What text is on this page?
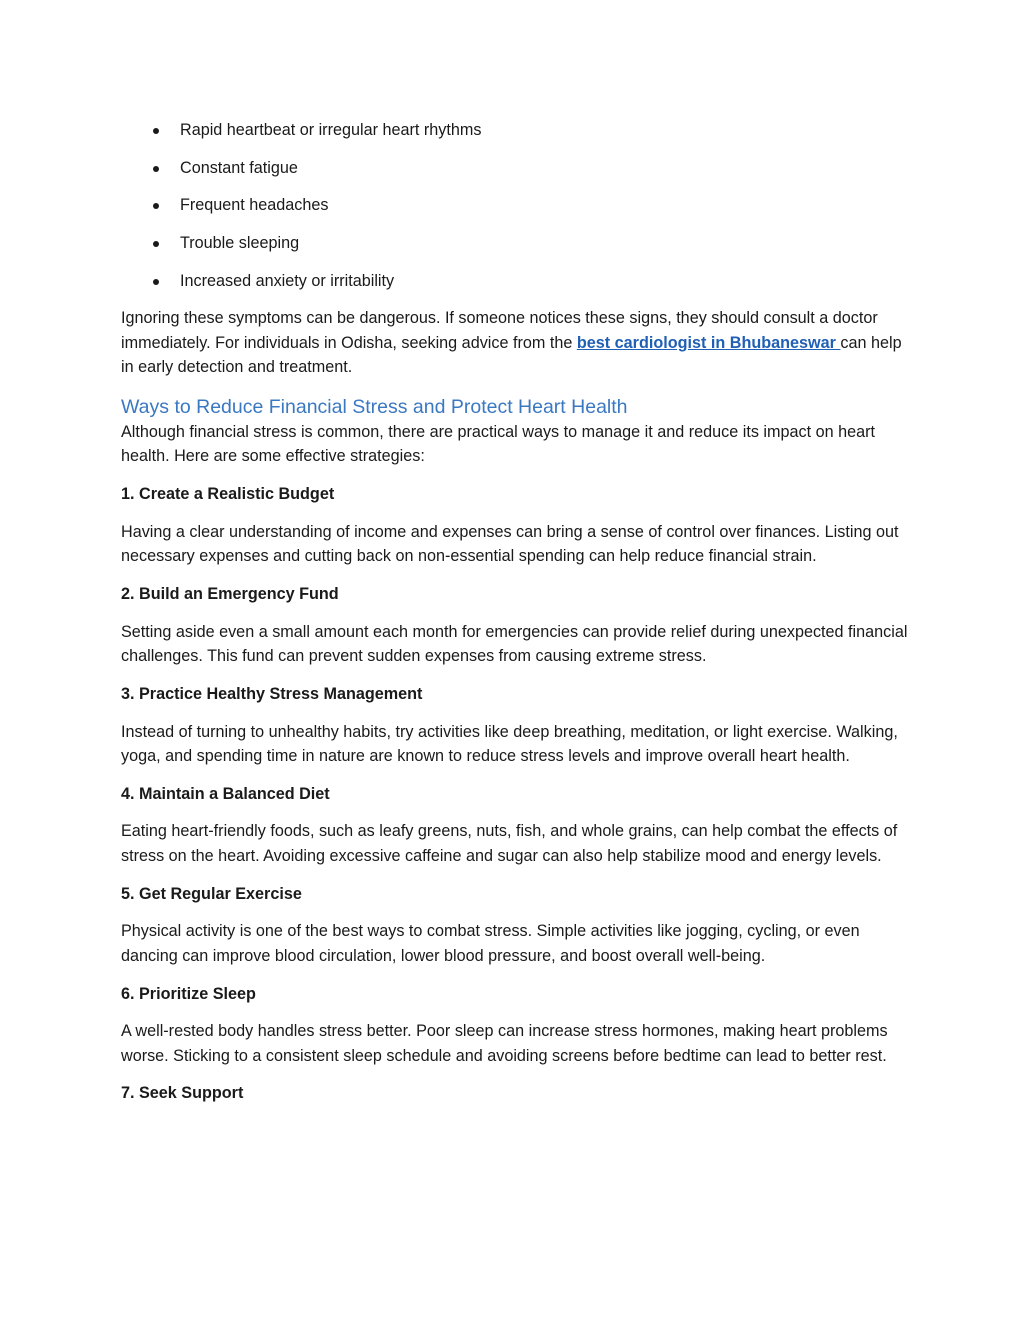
Rapid heartbeat or irregular heart rhythms
Constant fatigue
Frequent headaches
Trouble sleeping
Increased anxiety or irritability

Ignoring these symptoms can be dangerous. If someone notices these signs, they should consult a doctor immediately. For individuals in Odisha, seeking advice from the best cardiologist in Bhubaneswar can help in early detection and treatment.

Ways to Reduce Financial Stress and Protect Heart Health

Although financial stress is common, there are practical ways to manage it and reduce its impact on heart health. Here are some effective strategies:

1. Create a Realistic Budget

Having a clear understanding of income and expenses can bring a sense of control over finances. Listing out necessary expenses and cutting back on non-essential spending can help reduce financial strain.

2. Build an Emergency Fund

Setting aside even a small amount each month for emergencies can provide relief during unexpected financial challenges. This fund can prevent sudden expenses from causing extreme stress.

3. Practice Healthy Stress Management

Instead of turning to unhealthy habits, try activities like deep breathing, meditation, or light exercise. Walking, yoga, and spending time in nature are known to reduce stress levels and improve overall heart health.

4. Maintain a Balanced Diet

Eating heart-friendly foods, such as leafy greens, nuts, fish, and whole grains, can help combat the effects of stress on the heart. Avoiding excessive caffeine and sugar can also help stabilize mood and energy levels.

5. Get Regular Exercise

Physical activity is one of the best ways to combat stress. Simple activities like jogging, cycling, or even dancing can improve blood circulation, lower blood pressure, and boost overall well-being.

6. Prioritize Sleep

A well-rested body handles stress better. Poor sleep can increase stress hormones, making heart problems worse. Sticking to a consistent sleep schedule and avoiding screens before bedtime can lead to better rest.

7. Seek Support
